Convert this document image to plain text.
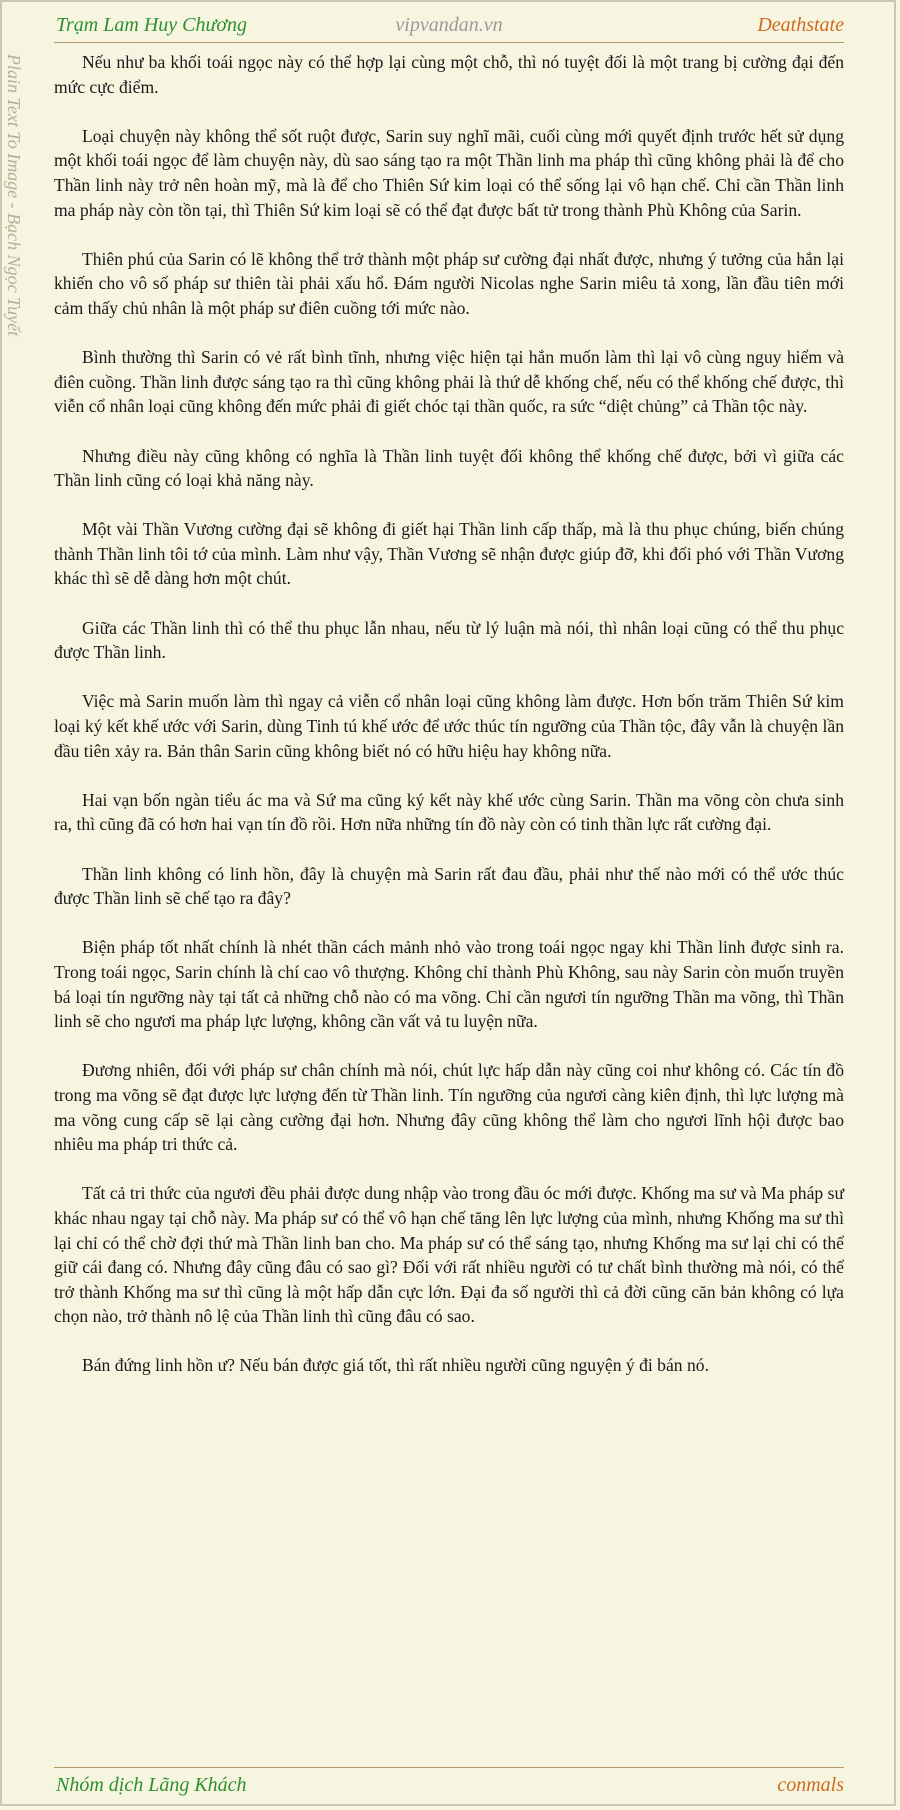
Trạm Lam Huy Chương	vipvandan.vn	Deathstate
Plain Text To Image - Bạch Ngọc Tuyết	Nếu như ba khối toái ngọc này có thể hợp lại cùng một chỗ, thì nó tuyệt đối là một trang bị cường đại đến mức cực điểm.

Loại chuyện này không thể sốt ruột được, Sarin suy nghĩ mãi, cuối cùng mới quyết định trước hết sử dụng một khối toái ngọc để làm chuyện này, dù sao sáng tạo ra một Thần linh ma pháp thì cũng không phải là để cho Thần linh này trở nên hoàn mỹ, mà là để cho Thiên Sứ kim loại có thể sống lại vô hạn chế. Chỉ cần Thần linh ma pháp này còn tồn tại, thì Thiên Sứ kim loại sẽ có thể đạt được bất tử trong thành Phù Không của Sarin.

Thiên phú của Sarin có lẽ không thể trở thành một pháp sư cường đại nhất được, nhưng ý tưởng của hắn lại khiến cho vô số pháp sư thiên tài phải xấu hổ. Đám người Nicolas nghe Sarin miêu tả xong, lần đầu tiên mới cảm thấy chủ nhân là một pháp sư điên cuồng tới mức nào.

Bình thường thì Sarin có vẻ rất bình tĩnh, nhưng việc hiện tại hắn muốn làm thì lại vô cùng nguy hiểm và điên cuồng. Thần linh được sáng tạo ra thì cũng không phải là thứ dễ khống chế, nếu có thể khống chế được, thì viễn cổ nhân loại cũng không đến mức phải đi giết chóc tại thần quốc, ra sức “diệt chủng” cả Thần tộc này.

Nhưng điều này cũng không có nghĩa là Thần linh tuyệt đối không thể khống chế được, bởi vì giữa các Thần linh cũng có loại khả năng này.

Một vài Thần Vương cường đại sẽ không đi giết hại Thần linh cấp thấp, mà là thu phục chúng, biến chúng thành Thần linh tôi tớ của mình. Làm như vậy, Thần Vương sẽ nhận được giúp đỡ, khi đối phó với Thần Vương khác thì sẽ dễ dàng hơn một chút.

Giữa các Thần linh thì có thể thu phục lẫn nhau, nếu từ lý luận mà nói, thì nhân loại cũng có thể thu phục được Thần linh.

Việc mà Sarin muốn làm thì ngay cả viễn cổ nhân loại cũng không làm được. Hơn bốn trăm Thiên Sứ kim loại ký kết khế ước với Sarin, dùng Tinh tú khế ước để ước thúc tín ngưỡng của Thần tộc, đây vẫn là chuyện lần đầu tiên xảy ra. Bản thân Sarin cũng không biết nó có hữu hiệu hay không nữa.

Hai vạn bốn ngàn tiểu ác ma và Sứ ma cũng ký kết này khế ước cùng Sarin. Thần ma võng còn chưa sinh ra, thì cũng đã có hơn hai vạn tín đồ rồi. Hơn nữa những tín đồ này còn có tinh thần lực rất cường đại.

Thần linh không có linh hồn, đây là chuyện mà Sarin rất đau đầu, phải như thế nào mới có thể ước thúc được Thần linh sẽ chế tạo ra đây?

Biện pháp tốt nhất chính là nhét thần cách mảnh nhỏ vào trong toái ngọc ngay khi Thần linh được sinh ra. Trong toái ngọc, Sarin chính là chí cao vô thượng. Không chỉ thành Phù Không, sau này Sarin còn muốn truyền bá loại tín ngưỡng này tại tất cả những chỗ nào có ma võng. Chỉ cần ngươi tín ngưỡng Thần ma võng, thì Thần linh sẽ cho ngươi ma pháp lực lượng, không cần vất vả tu luyện nữa.

Đương nhiên, đối với pháp sư chân chính mà nói, chút lực hấp dẫn này cũng coi như không có. Các tín đồ trong ma võng sẽ đạt được lực lượng đến từ Thần linh. Tín ngưỡng của ngươi càng kiên định, thì lực lượng mà ma võng cung cấp sẽ lại càng cường đại hơn. Nhưng đây cũng không thể làm cho ngươi lĩnh hội được bao nhiêu ma pháp tri thức cả.

Tất cả tri thức của ngươi đều phải được dung nhập vào trong đầu óc mới được. Khống ma sư và Ma pháp sư khác nhau ngay tại chỗ này. Ma pháp sư có thể vô hạn chế tăng lên lực lượng của mình, nhưng Khống ma sư thì lại chỉ có thể chờ đợi thứ mà Thần linh ban cho. Ma pháp sư có thể sáng tạo, nhưng Khống ma sư lại chỉ có thể giữ cái đang có. Nhưng đây cũng đâu có sao gì? Đối với rất nhiều người có tư chất bình thường mà nói, có thể trở thành Khống ma sư thì cũng là một hấp dẫn cực lớn. Đại đa số người thì cả đời cũng căn bản không có lựa chọn nào, trở thành nô lệ của Thần linh thì cũng đâu có sao.

Bán đứng linh hồn ư? Nếu bán được giá tốt, thì rất nhiều người cũng nguyện ý đi bán nó.

Nhóm dịch Lãng Khách	conmals
